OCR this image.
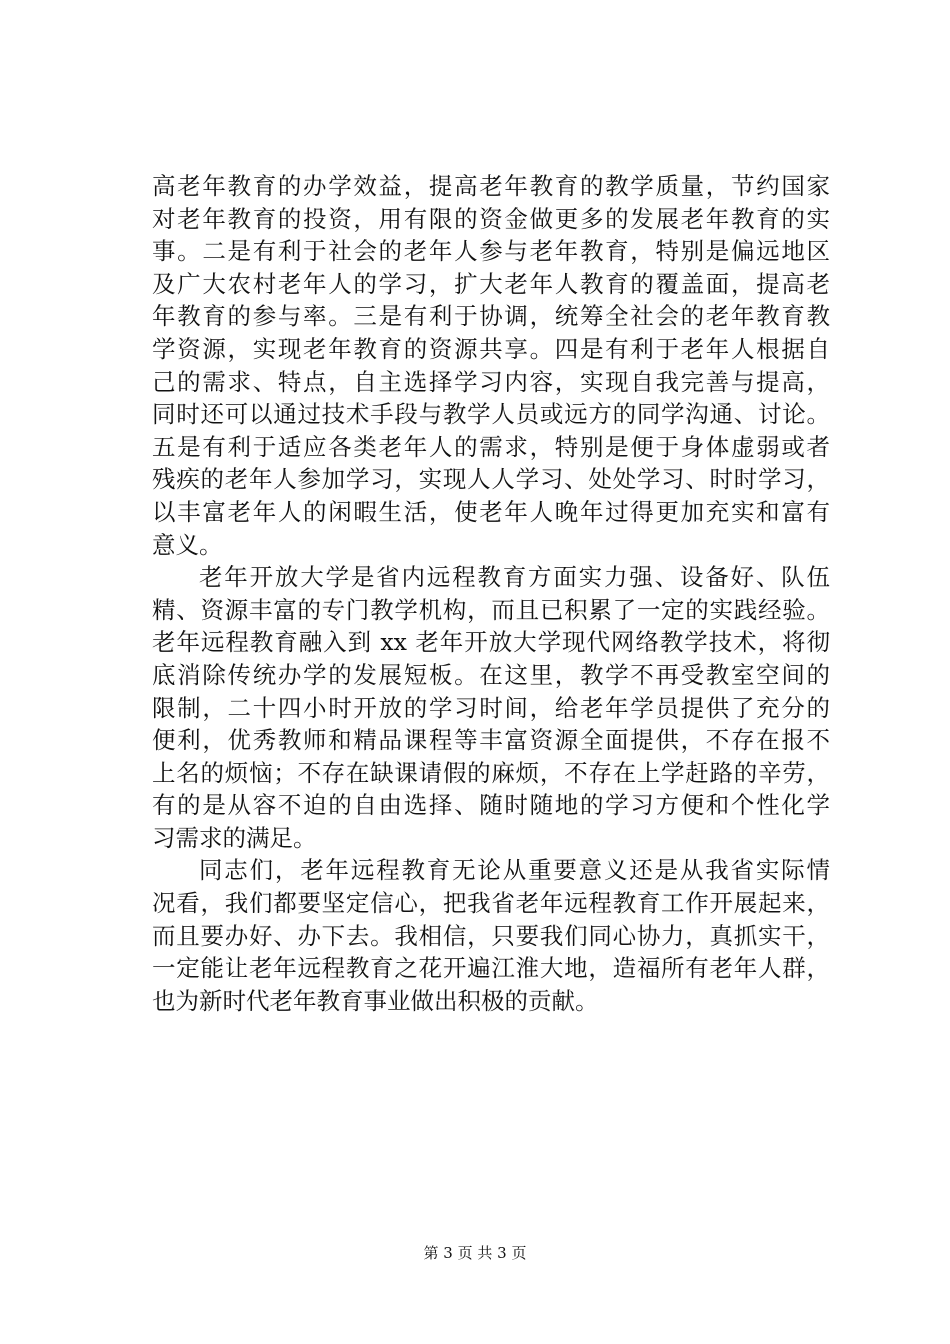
高老年教育的办学效益，提高老年教育的教学质量，节约国家
对老年教育的投资，用有限的资金做更多的发展老年教育的实
事。二是有利于社会的老年人参与老年教育，特别是偏远地区
及广大农村老年人的学习，扩大老年人教育的覆盖面，提高老
年教育的参与率。三是有利于协调，统筹全社会的老年教育教
学资源，实现老年教育的资源共享。四是有利于老年人根据自
己的需求、特点，自主选择学习内容，实现自我完善与提高，
同时还可以通过技术手段与教学人员或远方的同学沟通、讨论。
五是有利于适应各类老年人的需求，特别是便于身体虚弱或者
残疾的老年人参加学习，实现人人学习、处处学习、时时学习，
以丰富老年人的闲暇生活，使老年人晚年过得更加充实和富有
意义。
老年开放大学是省内远程教育方面实力强、设备好、队伍
精、资源丰富的专门教学机构，而且已积累了一定的实践经验。
老年远程教育融入到 xx 老年开放大学现代网络教学技术，将彻
底消除传统办学的发展短板。在这里，教学不再受教室空间的
限制，二十四小时开放的学习时间，给老年学员提供了充分的
便利，优秀教师和精品课程等丰富资源全面提供，不存在报不
上名的烦恼；不存在缺课请假的麻烦，不存在上学赶路的辛劳，
有的是从容不迫的自由选择、随时随地的学习方便和个性化学
习需求的满足。
同志们，老年远程教育无论从重要意义还是从我省实际情
况看，我们都要坚定信心，把我省老年远程教育工作开展起来，
而且要办好、办下去。我相信，只要我们同心协力，真抓实干，
一定能让老年远程教育之花开遍江淮大地，造福所有老年人群，
也为新时代老年教育事业做出积极的贡献。
第 3 页 共 3 页
